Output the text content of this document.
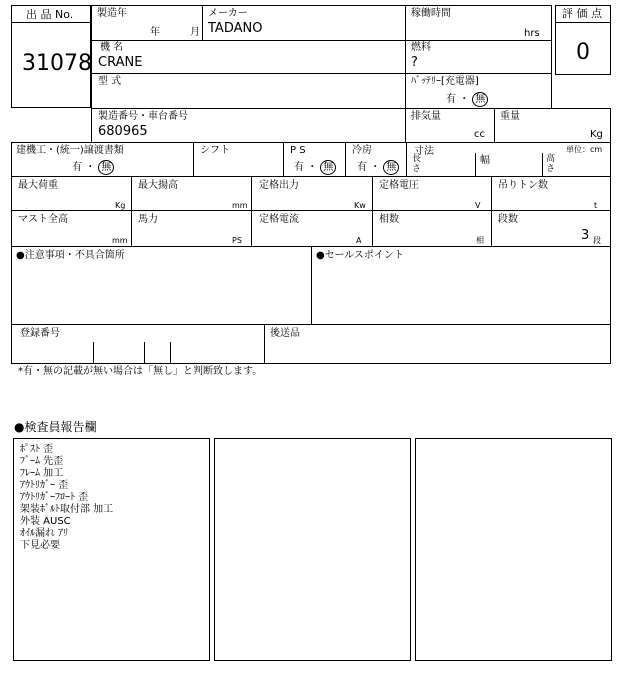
出 品 No.
31078
製造年
年	月
メーカー
TADANO
稼働時間
hrs
評 価 点
0
機 名
CRANE
燃料
?
型 式	ﾊﾞｯﾃﾘｰ[充電器]
有 ・ 無
製造番号・車台番号
680965
排気量
cc
重量
Kg
建機工・(統一)譲渡書類
有 ・ 無
シフト	P S
有 ・ 無
冷房
有 ・ 無
寸法	単位：cm
長
さ
幅	高
さ
最大荷重
Kg
最大揚高
mm
定格出力
Kw
定格電圧
V
吊りトン数
t
マスト全高
mm
馬力
PS
定格電流
A
相数
相
段数
3 段
●注意事項・不具合箇所	●セールスポイント
登録番号	後送品
*有・無の記載が無い場合は「無し」と判断致します。
●検査員報告欄
ﾎﾟｽﾄ 歪
ﾌﾞｰﾑ 先歪
ﾌﾚｰﾑ 加工
ｱｳﾄﾘｶﾞｰ 歪
ｱｳﾄﾘｶﾞｰﾌﾛｰﾄ 歪
架装ﾎﾞﾙﾄ取付部 加工
外装 AUSC
ｵｲﾙ漏れ ｱﾘ
下見必要
